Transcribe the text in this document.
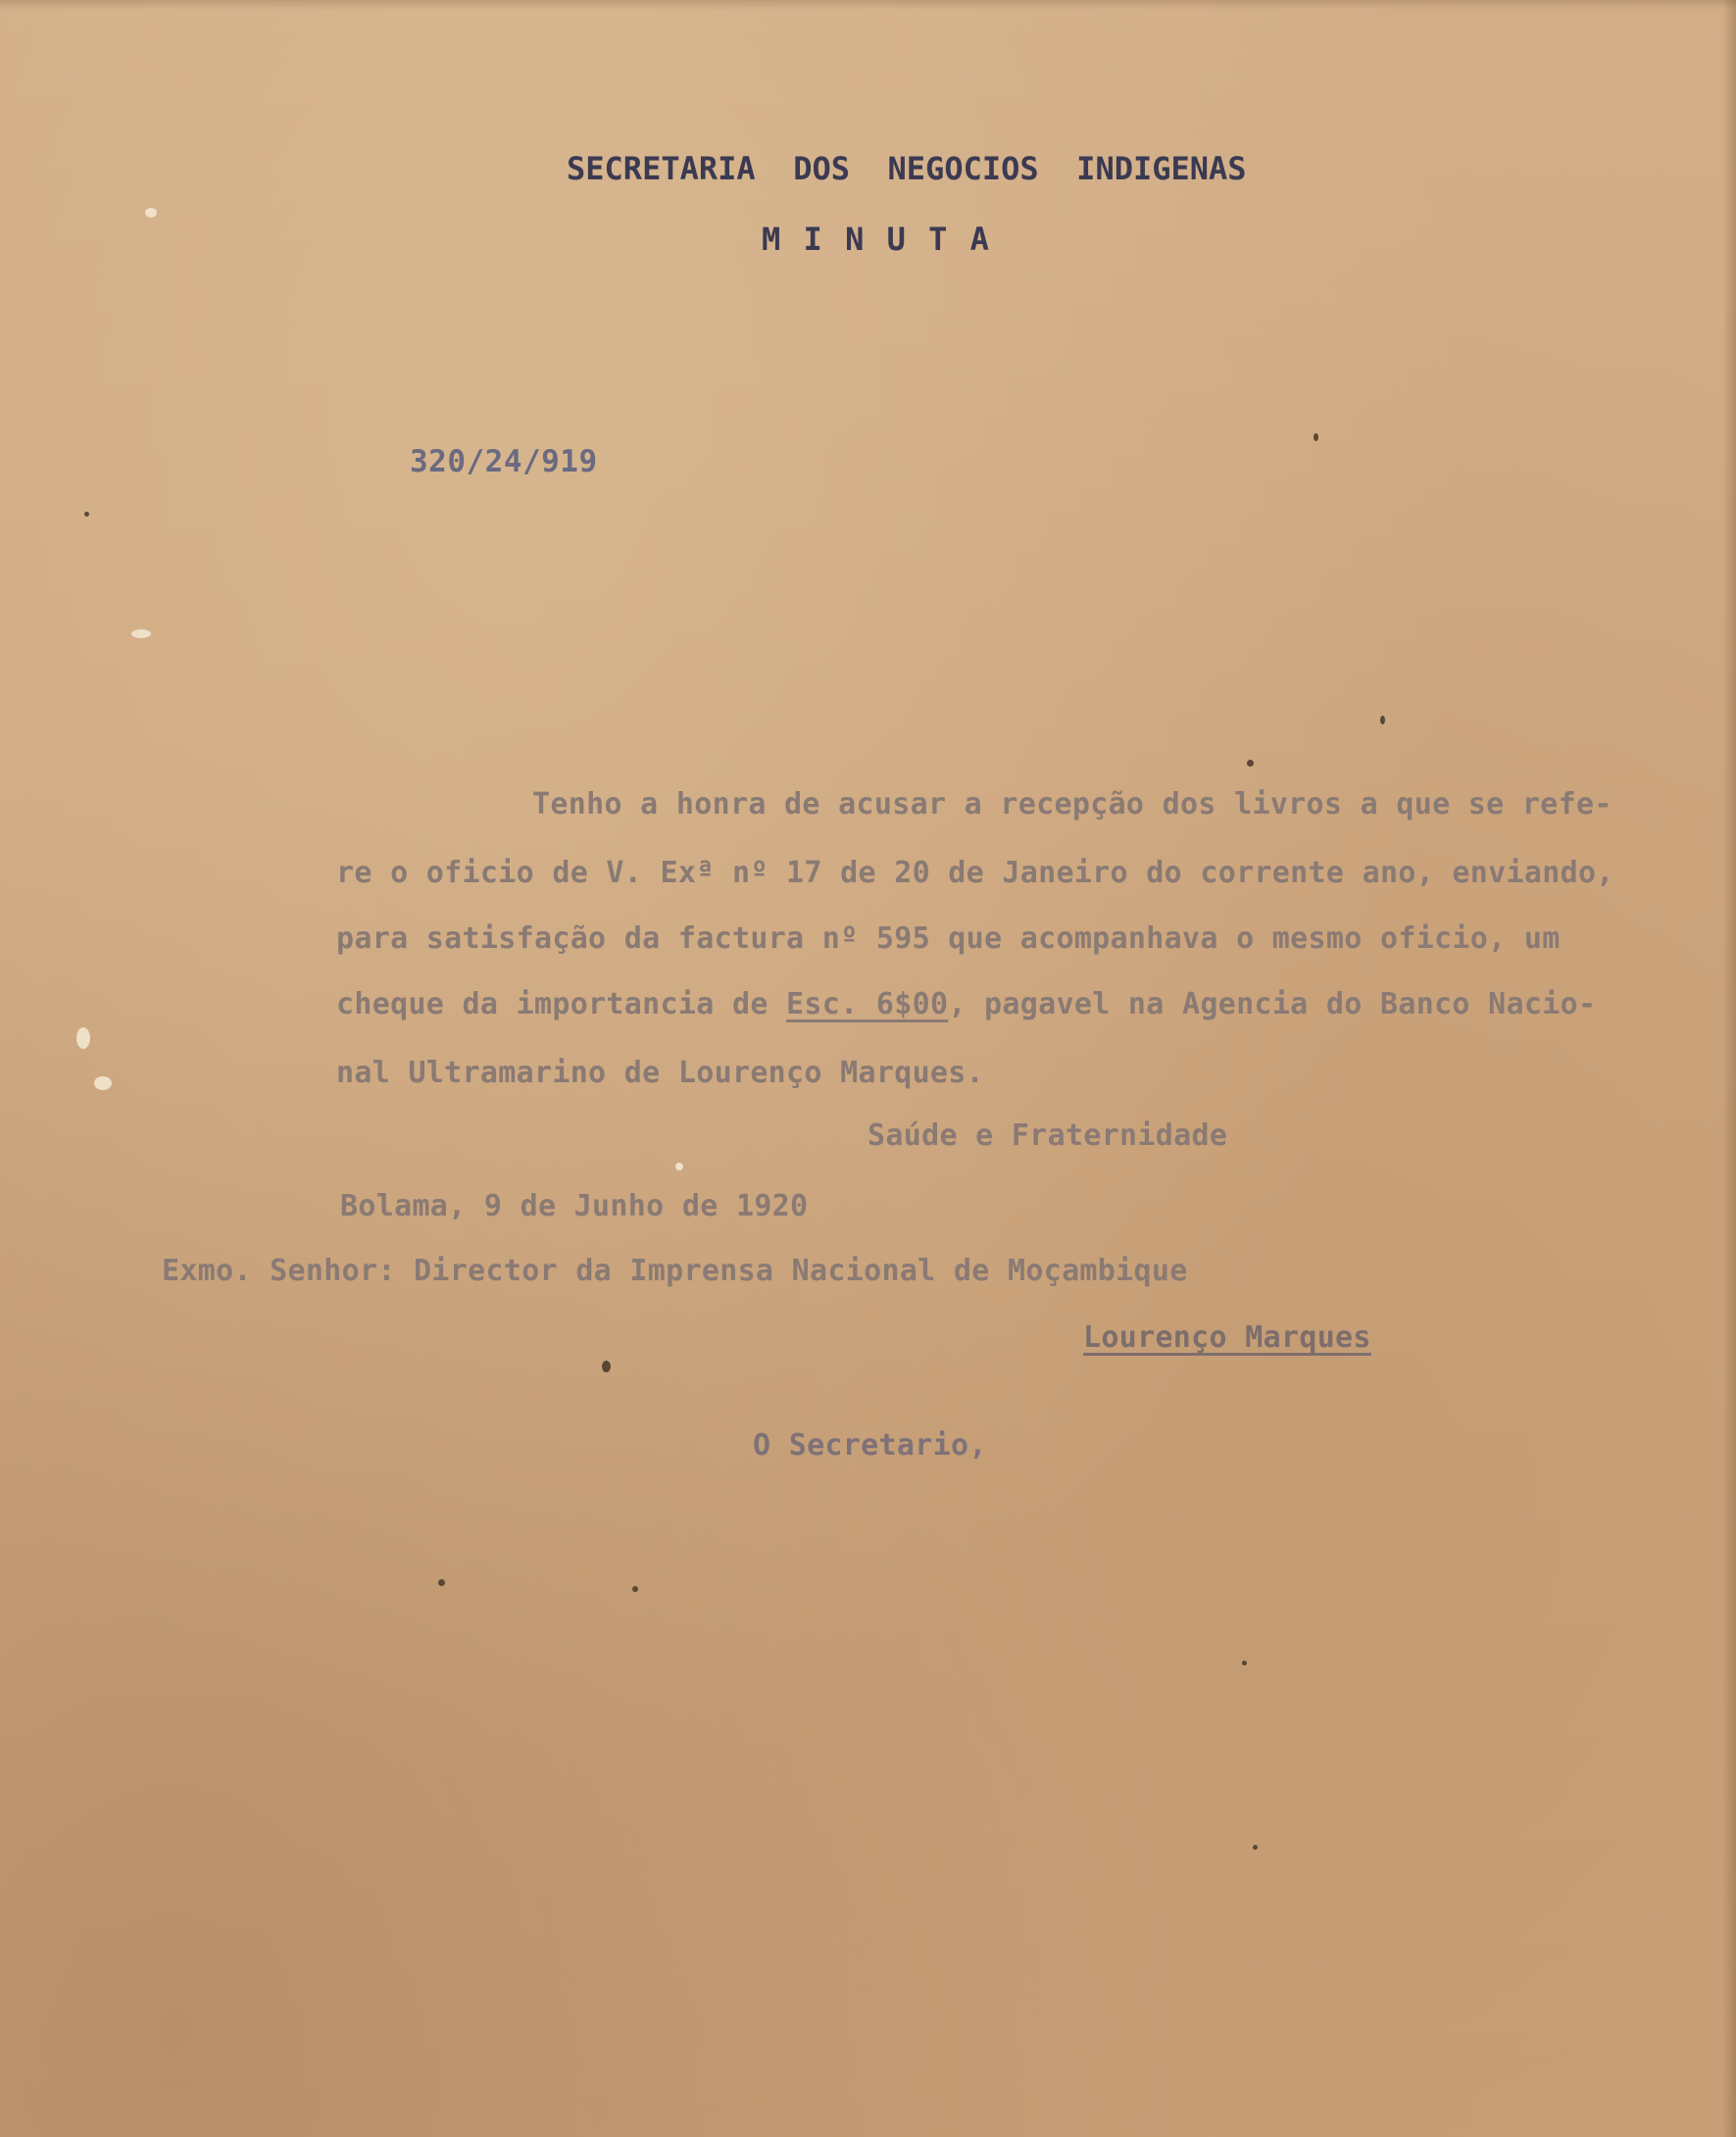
SECRETARIA  DOS  NEGOCIOS  INDIGENAS
M I N U T A
320/24/919
Tenho a honra de acusar a recepção dos livros a que se refe-
re o oficio de V. Exª nº 17 de 20 de Janeiro do corrente ano, enviando,
para satisfação da factura nº 595 que acompanhava o mesmo oficio, um
cheque da importancia de Esc. 6$00, pagavel na Agencia do Banco Nacio-
nal Ultramarino de Lourenço Marques.
Saúde e Fraternidade
Bolama, 9 de Junho de 1920
Exmo. Senhor: Director da Imprensa Nacional de Moçambique
Lourenço Marques
O Secretario,
